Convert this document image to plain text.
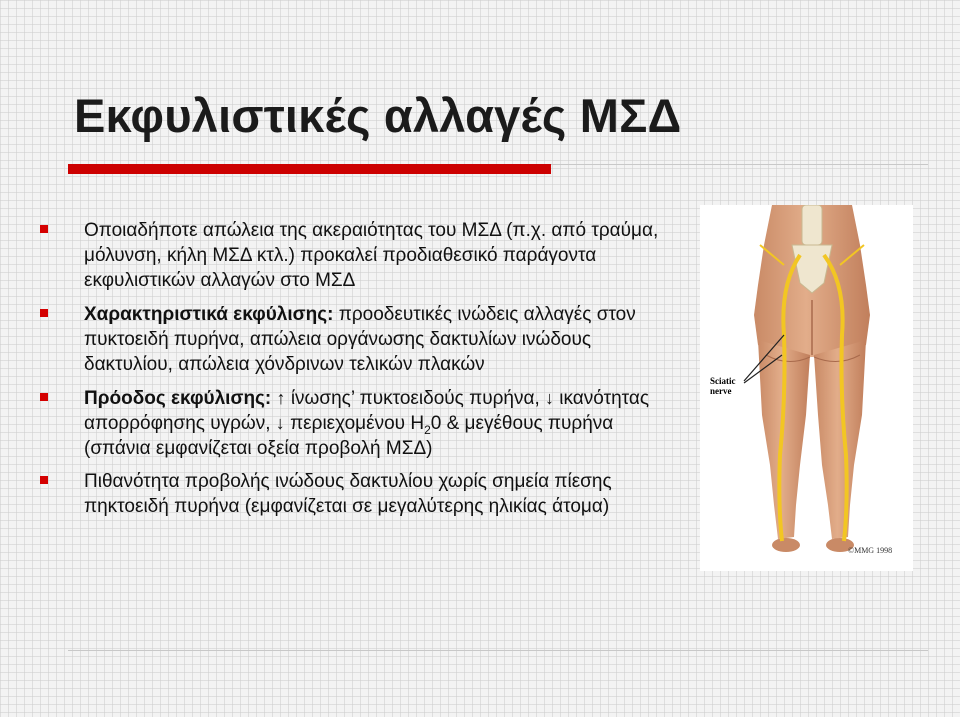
Εκφυλιστικές αλλαγές ΜΣΔ
Οποιαδήποτε απώλεια της ακεραιότητας του ΜΣΔ (π.χ. από τραύμα, μόλυνση, κήλη ΜΣΔ κτλ.) προκαλεί προδιαθεσικό παράγοντα εκφυλιστικών αλλαγών στο ΜΣΔ
Χαρακτηριστικά εκφύλισης: προοδευτικές ινώδεις αλλαγές στον πυκτοειδή πυρήνα, απώλεια οργάνωσης δακτυλίων ινώδους δακτυλίου, απώλεια χόνδρινων τελικών πλακών
Πρόοδος εκφύλισης: ↑ ίνωσης’ πυκτοειδούς πυρήνα, ↓ ικανότητας απορρόφησης υγρών, ↓ περιεχομένου $H_20$ & μεγέθους πυρήνα (σπάνια εμφανίζεται οξεία προβολή ΜΣΔ)
Πιθανότητα προβολής ινώδους δακτυλίου χωρίς σημεία πίεσης πηκτοειδή πυρήνα (εμφανίζεται σε μεγαλύτερης ηλικίας άτομα)
Sciatic
nerve
©MMG 1998
